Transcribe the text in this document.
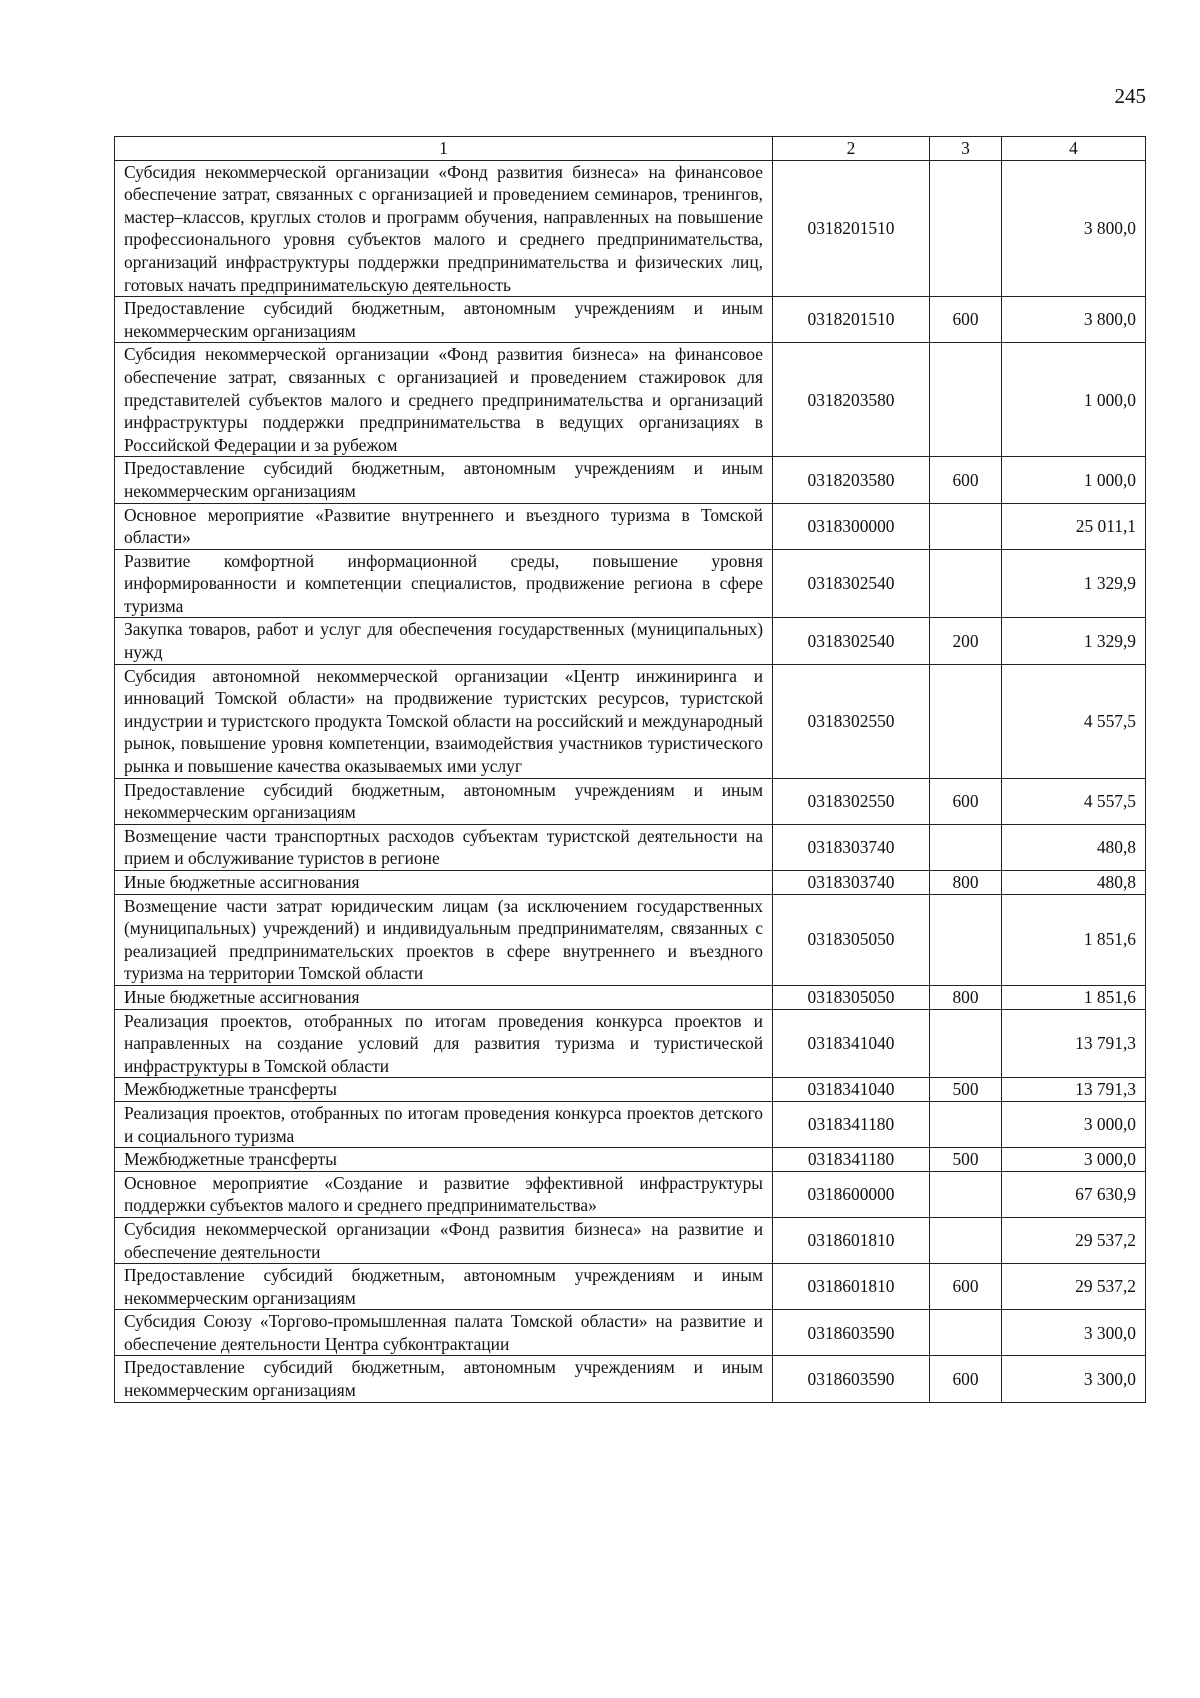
245
1	2	3	4
Субсидия некоммерческой организации «Фонд развития бизнеса» на финансовое обеспечение затрат, связанных с организацией и проведением семинаров, тренингов, мастер–классов, круглых столов и программ обучения, направленных на повышение профессионального уровня субъектов малого и среднего предпринимательства, организаций инфраструктуры поддержки предпринимательства и физических лиц, готовых начать предпринимательскую деятельность	0318201510		3 800,0
Предоставление субсидий бюджетным, автономным учреждениям и иным некоммерческим организациям	0318201510	600	3 800,0
Субсидия некоммерческой организации «Фонд развития бизнеса» на финансовое обеспечение затрат, связанных с организацией и проведением стажировок для представителей субъектов малого и среднего предпринимательства и организаций инфраструктуры поддержки предпринимательства в ведущих организациях в Российской Федерации и за рубежом	0318203580		1 000,0
Предоставление субсидий бюджетным, автономным учреждениям и иным некоммерческим организациям	0318203580	600	1 000,0
Основное мероприятие «Развитие внутреннего и въездного туризма в Томской области»	0318300000		25 011,1
Развитие комфортной информационной среды, повышение уровня информированности и компетенции специалистов, продвижение региона в сфере туризма	0318302540		1 329,9
Закупка товаров, работ и услуг для обеспечения государственных (муниципальных) нужд	0318302540	200	1 329,9
Субсидия автономной некоммерческой организации «Центр инжиниринга и инноваций Томской области» на продвижение туристских ресурсов, туристской индустрии и туристского продукта Томской области на российский и международный рынок, повышение уровня компетенции, взаимодействия участников туристического рынка и повышение качества оказываемых ими услуг	0318302550		4 557,5
Предоставление субсидий бюджетным, автономным учреждениям и иным некоммерческим организациям	0318302550	600	4 557,5
Возмещение части транспортных расходов субъектам туристской деятельности на прием и обслуживание туристов в регионе	0318303740		480,8
Иные бюджетные ассигнования	0318303740	800	480,8
Возмещение части затрат юридическим лицам (за исключением государственных (муниципальных) учреждений) и индивидуальным предпринимателям, связанных с реализацией предпринимательских проектов в сфере внутреннего и въездного туризма на территории Томской области	0318305050		1 851,6
Иные бюджетные ассигнования	0318305050	800	1 851,6
Реализация проектов, отобранных по итогам проведения конкурса проектов и направленных на создание условий для развития туризма и туристической инфраструктуры в Томской области	0318341040		13 791,3
Межбюджетные трансферты	0318341040	500	13 791,3
Реализация проектов, отобранных по итогам проведения конкурса проектов детского и социального туризма	0318341180		3 000,0
Межбюджетные трансферты	0318341180	500	3 000,0
Основное мероприятие «Создание и развитие эффективной инфраструктуры поддержки субъектов малого и среднего предпринимательства»	0318600000		67 630,9
Субсидия некоммерческой организации «Фонд развития бизнеса» на развитие и обеспечение деятельности	0318601810		29 537,2
Предоставление субсидий бюджетным, автономным учреждениям и иным некоммерческим организациям	0318601810	600	29 537,2
Субсидия Союзу «Торгово-промышленная палата Томской области» на развитие и обеспечение деятельности Центра субконтрактации	0318603590		3 300,0
Предоставление субсидий бюджетным, автономным учреждениям и иным некоммерческим организациям	0318603590	600	3 300,0
